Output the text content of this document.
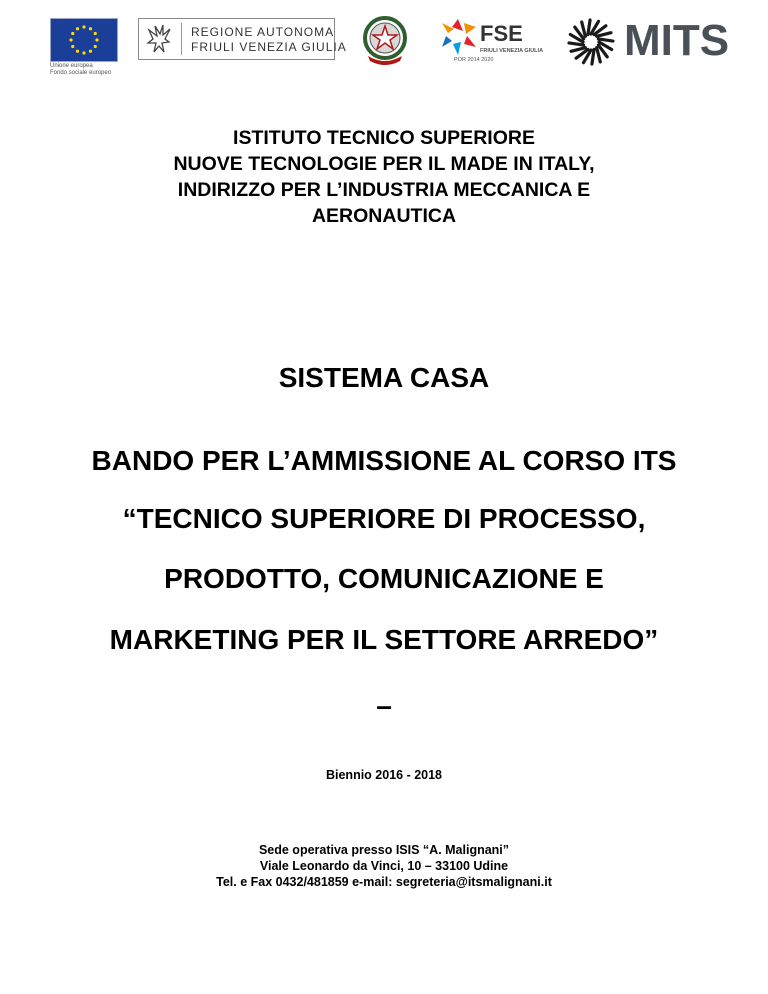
Unione europea
Fondo sociale europeo
REGIONE AUTONOMA
FRIULI VENEZIA GIULIA
FSE
FRIULI VENEZIA GIULIA
POR 2014 2020	MITS
ISTITUTO TECNICO SUPERIORE
NUOVE TECNOLOGIE PER IL MADE IN ITALY,
INDIRIZZO PER L’INDUSTRIA MECCANICA E
AERONAUTICA
SISTEMA CASA
BANDO PER L’AMMISSIONE AL CORSO ITS
“TECNICO SUPERIORE DI PROCESSO,
PRODOTTO, COMUNICAZIONE E
MARKETING PER IL SETTORE ARREDO”
–
Biennio 2016 - 2018
Sede operativa presso ISIS “A. Malignani”
Viale Leonardo da Vinci, 10 – 33100 Udine
Tel. e Fax 0432/481859 e-mail: segreteria@itsmalignani.it
